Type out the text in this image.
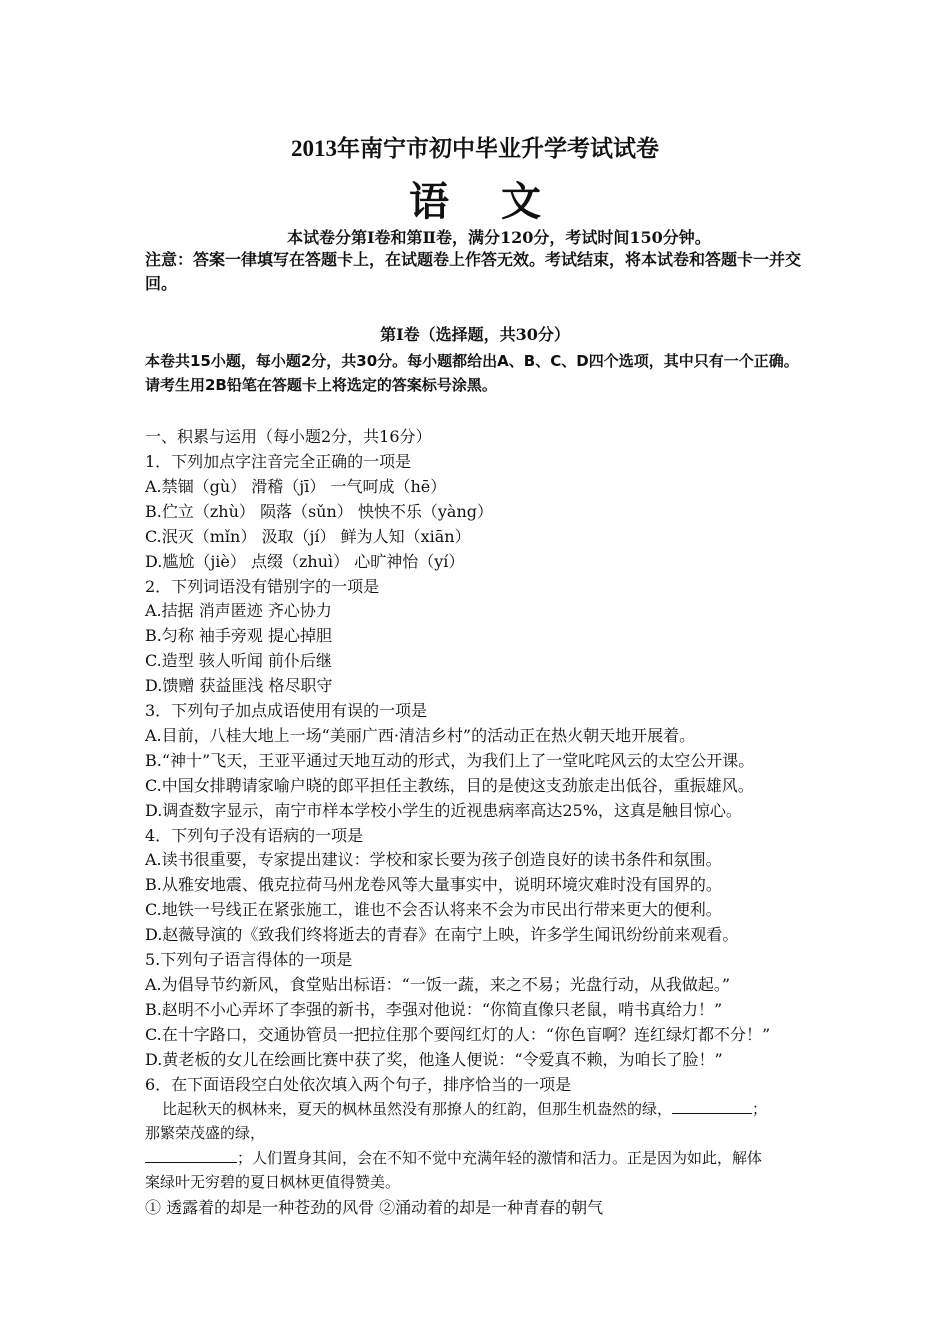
2013年南宁市初中毕业升学考试试卷
语文
本试卷分第Ⅰ卷和第Ⅱ卷，满分120分，考试时间150分钟。
注意：答案一律填写在答题卡上，在试题卷上作答无效。考试结束，将本试卷和答题卡一并交
回。
第Ⅰ卷（选择题，共30分）
本卷共15小题，每小题2分，共30分。每小题都给出A、B、C、D四个选项，其中只有一个正确。
请考生用2B铅笔在答题卡上将选定的答案标号涂黑。
一、积累与运用（每小题2分，共16分）
1．下列加点字注音完全正确的一项是
A.禁锢（gù） 滑稽（jī） 一气呵成（hē）
B.伫立（zhù） 陨落（sǔn） 怏怏不乐（yàng）
C.泯灭（mǐn） 汲取（jí） 鲜为人知（xiān）
D.尴尬（jiè） 点缀（zhuì） 心旷神怡（yí）
2．下列词语没有错别字的一项是
A.拮据 消声匿迹 齐心协力
B.匀称 袖手旁观 提心掉胆
C.造型 骇人听闻 前仆后继
D.馈赠 获益匪浅 格尽职守
3．下列句子加点成语使用有误的一项是
A.目前，八桂大地上一场“美丽广西·清洁乡村”的活动正在热火朝天地开展着。
B.“神十”飞天，王亚平通过天地互动的形式，为我们上了一堂叱咤风云的太空公开课。
C.中国女排聘请家喻户晓的郎平担任主教练，目的是使这支劲旅走出低谷，重振雄风。
D.调查数字显示，南宁市样本学校小学生的近视患病率高达25%，这真是触目惊心。
4．下列句子没有语病的一项是
A.读书很重要，专家提出建议：学校和家长要为孩子创造良好的读书条件和氛围。
B.从雅安地震、俄克拉荷马州龙卷风等大量事实中，说明环境灾难时没有国界的。
C.地铁一号线正在紧张施工，谁也不会否认将来不会为市民出行带来更大的便利。
D.赵薇导演的《致我们终将逝去的青春》在南宁上映，许多学生闻讯纷纷前来观看。
5.下列句子语言得体的一项是
A.为倡导节约新风，食堂贴出标语：“一饭一蔬，来之不易；光盘行动，从我做起。”
B.赵明不小心弄坏了李强的新书，李强对他说：“你简直像只老鼠，啃书真给力！”
C.在十字路口，交通协管员一把拉住那个要闯红灯的人：“你色盲啊？连红绿灯都不分！”
D.黄老板的女儿在绘画比赛中获了奖，他逢人便说：“令爱真不赖，为咱长了脸！”
6．在下面语段空白处依次填入两个句子，排序恰当的一项是
比起秋天的枫林来，夏天的枫林虽然没有那撩人的红韵，但那生机盎然的绿，	；
那繁荣茂盛的绿，
；人们置身其间，会在不知不觉中充满年轻的激情和活力。正是因为如此，解体
案绿叶无穷碧的夏日枫林更值得赞美。
① 透露着的却是一种苍劲的风骨 ②涌动着的却是一种青春的朝气
